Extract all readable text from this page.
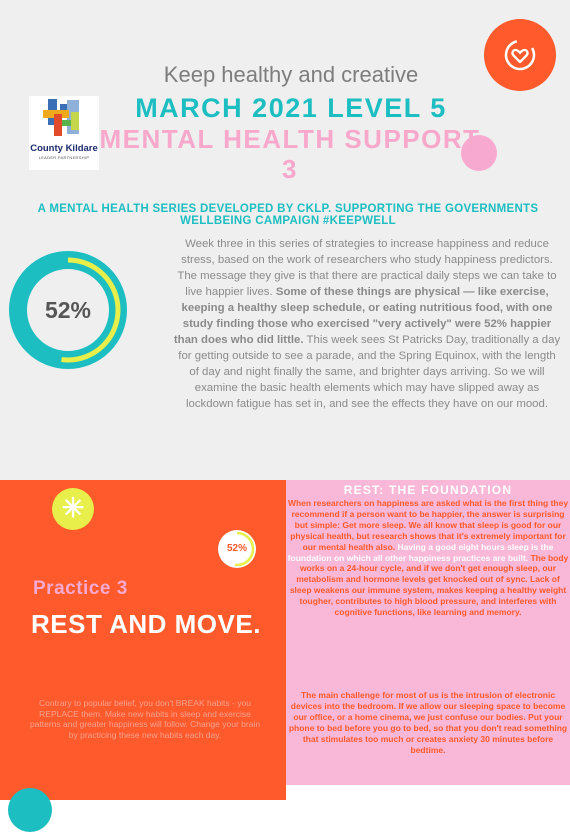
County Kildare
LEADER PARTNERSHIP
Keep healthy and creative
MARCH 2021 LEVEL 5
MENTAL HEALTH SUPPORT 3
A MENTAL HEALTH SERIES DEVELOPED BY CKLP. SUPPORTING THE GOVERNMENTS WELLBEING CAMPAIGN #KEEPWELL
52%
Week three in this series of strategies to increase happiness and reduce stress, based on the work of researchers who study happiness predictors. The message they give is that there are practical daily steps we can take to live happier lives. Some of these things are physical — like exercise, keeping a healthy sleep schedule, or eating nutritious food, with one study finding those who exercised "very actively" were 52% happier than does who did little. This week sees St Patricks Day, traditionally a day for getting outside to see a parade, and the Spring Equinox, with the length of day and night finally the same, and brighter days arriving. So we will examine the basic health elements which may have slipped away as lockdown fatigue has set in, and see the effects they have on our mood.
✳
52%
Practice 3
REST AND MOVE.
Contrary to popular belief, you don't BREAK habits - you REPLACE them. Make new habits in sleep and exercise patterns and greater happiness will follow. Change your brain by practicing these new habits each day.
REST: THE FOUNDATION
When researchers on happiness are asked what is the first thing they recommend if a person want to be happier, the answer is surprising but simple: Get more sleep. We all know that sleep is good for our physical health, but research shows that it's extremely important for our mental health also. Having a good eight hours sleep is the foundation on which all other happiness practices are built. The body works on a 24-hour cycle, and if we don't get enough sleep, our metabolism and hormone levels get knocked out of sync. Lack of sleep weakens our immune system, makes keeping a healthy weight tougher, contributes to high blood pressure, and interferes with cognitive functions, like learning and memory.
The main challenge for most of us is the intrusion of electronic devices into the bedroom. If we allow our sleeping space to become our office, or a home cinema, we just confuse our bodies. Put your phone to bed before you go to bed, so that you don't read something that stimulates too much or creates anxiety 30 minutes before bedtime.
